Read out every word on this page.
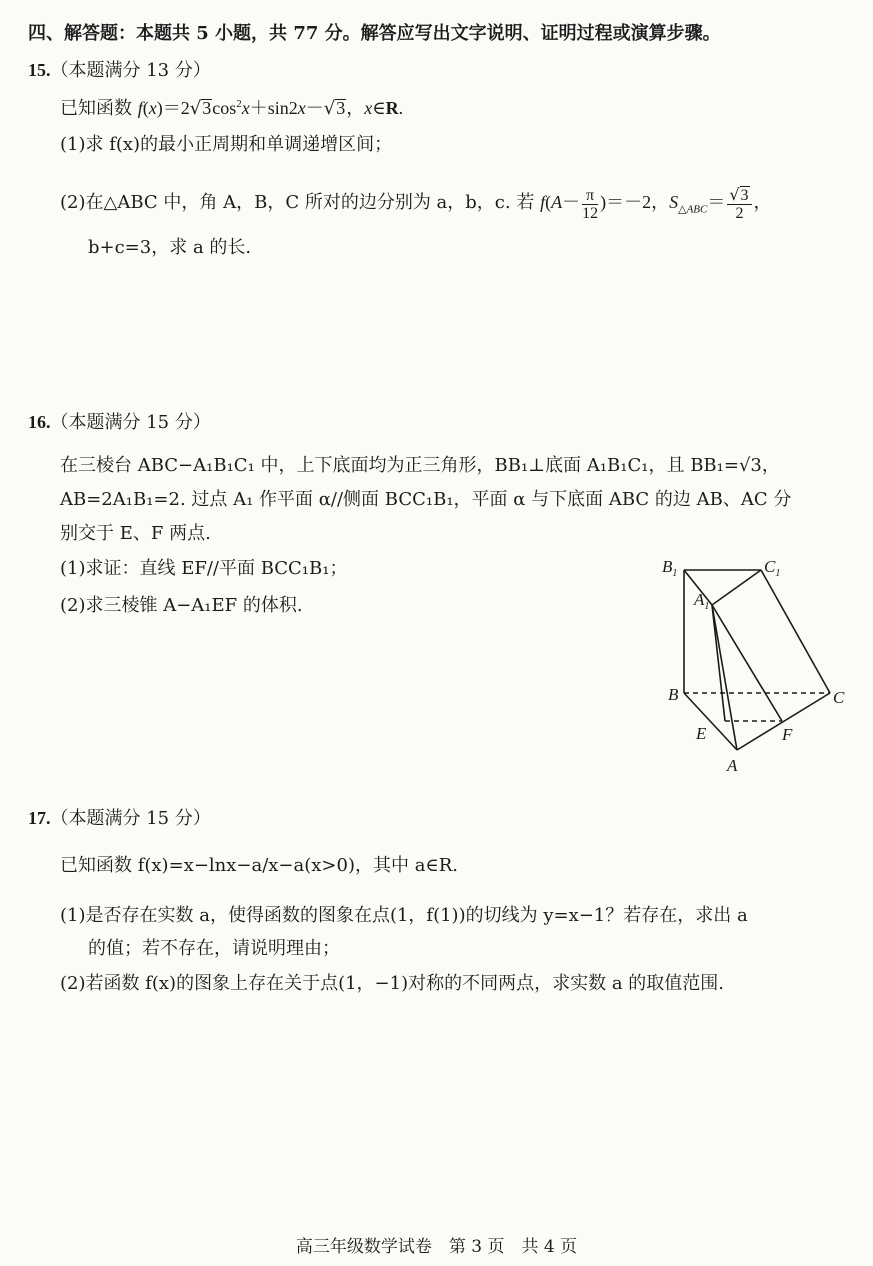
四、解答题：本题共 5 小题，共 77 分。解答应写出文字说明、证明过程或演算步骤。
15.（本题满分 13 分）
已知函数 $f(x)=2√3\cos^2x+\sin 2x-√3$，x∈R.
(1)求 f(x)的最小正周期和单调递增区间；
(2)在△ABC 中，角 A，B，C 所对的边分别为 a，b，c. 若 $f(A- \frac{\pi}{12} )=-2$，$S_{\triangle ABC}= \frac{√3}{2}$ ，
b+c=3，求 a 的长.
16.（本题满分 15 分）
在三棱台 ABC−A₁B₁C₁ 中，上下底面均为正三角形，BB₁⊥底面 A₁B₁C₁，且 BB₁=√3，
AB=2A₁B₁=2. 过点 A₁ 作平面 α//侧面 BCC₁B₁，平面 α 与下底面 ABC 的边 AB、AC 分
别交于 E、F 两点.
(1)求证：直线 EF//平面 BCC₁B₁；
(2)求三棱锥 A−A₁EF 的体积.
$B_1$	$C_1$
$A_1$
B	C
E	F
A
17.（本题满分 15 分）
已知函数 f(x)=x−lnx−a/x−a(x>0)，其中 a∈R.
(1)是否存在实数 a，使得函数的图象在点(1，f(1))的切线为 y=x−1？若存在，求出 a
的值；若不存在，请说明理由；
(2)若函数 f(x)的图象上存在关于点(1，−1)对称的不同两点，求实数 a 的取值范围.
高三年级数学试卷　第 3 页　共 4 页
